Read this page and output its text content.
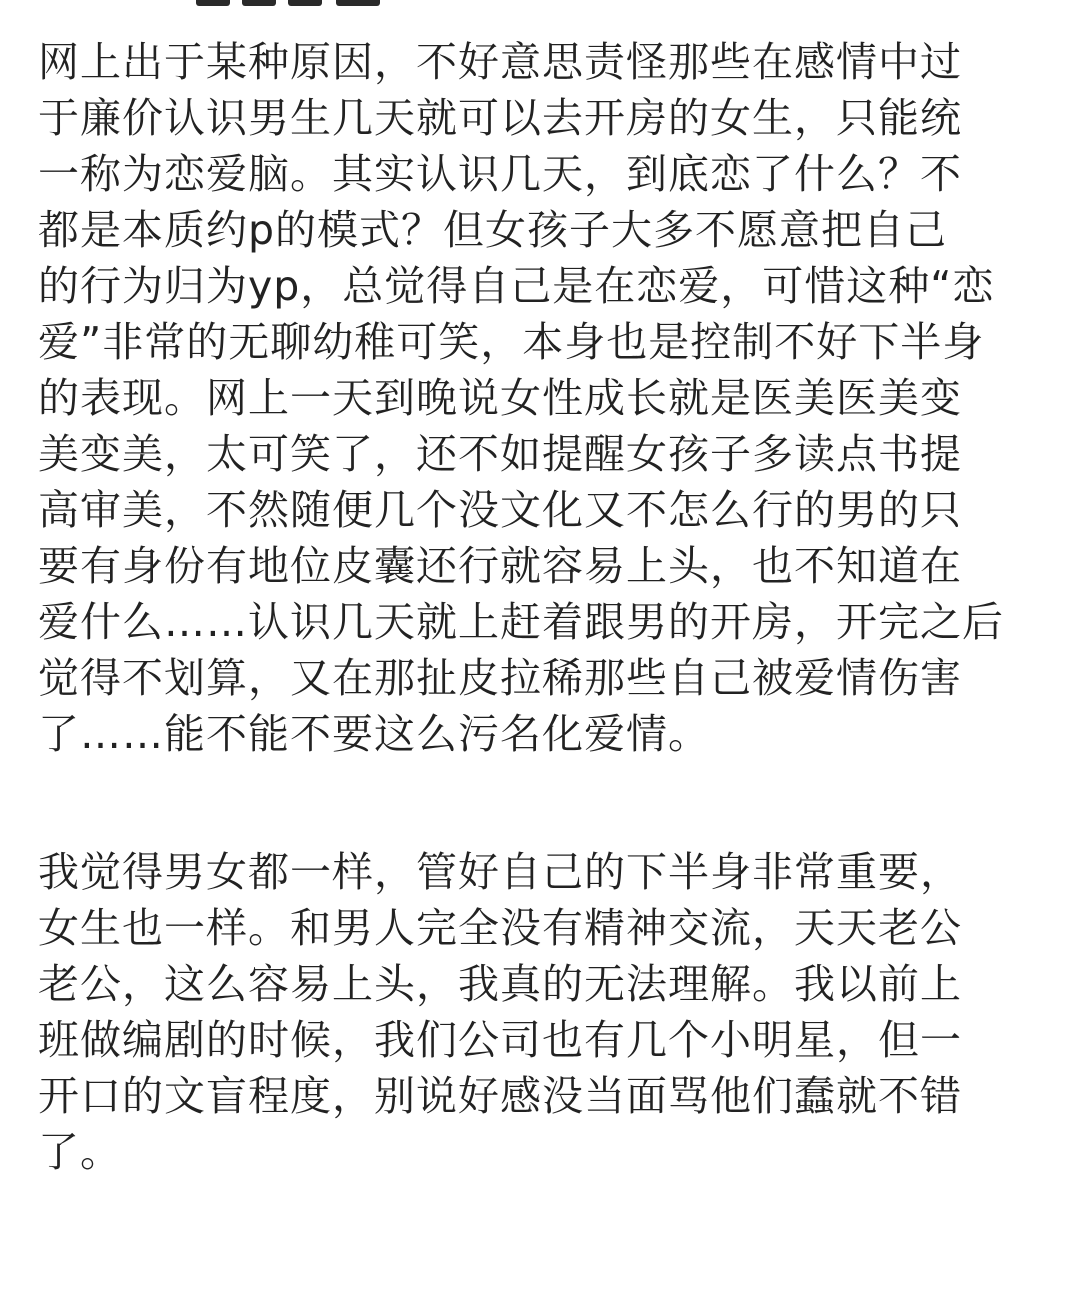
网上出于某种原因，不好意思责怪那些在感情中过
于廉价认识男生几天就可以去开房的女生，只能统
一称为恋爱脑。其实认识几天，到底恋了什么？不
都是本质约p的模式？但女孩子大多不愿意把自己
的行为归为yp，总觉得自己是在恋爱，可惜这种“恋
爱”非常的无聊幼稚可笑，本身也是控制不好下半身
的表现。网上一天到晚说女性成长就是医美医美变
美变美，太可笑了，还不如提醒女孩子多读点书提
高审美，不然随便几个没文化又不怎么行的男的只
要有身份有地位皮囊还行就容易上头，也不知道在
爱什么……认识几天就上赶着跟男的开房，开完之后
觉得不划算，又在那扯皮拉稀那些自己被爱情伤害
了……能不能不要这么污名化爱情。
我觉得男女都一样，管好自己的下半身非常重要，
女生也一样。和男人完全没有精神交流，天天老公
老公，这么容易上头，我真的无法理解。我以前上
班做编剧的时候，我们公司也有几个小明星，但一
开口的文盲程度，别说好感没当面骂他们蠢就不错
了。
